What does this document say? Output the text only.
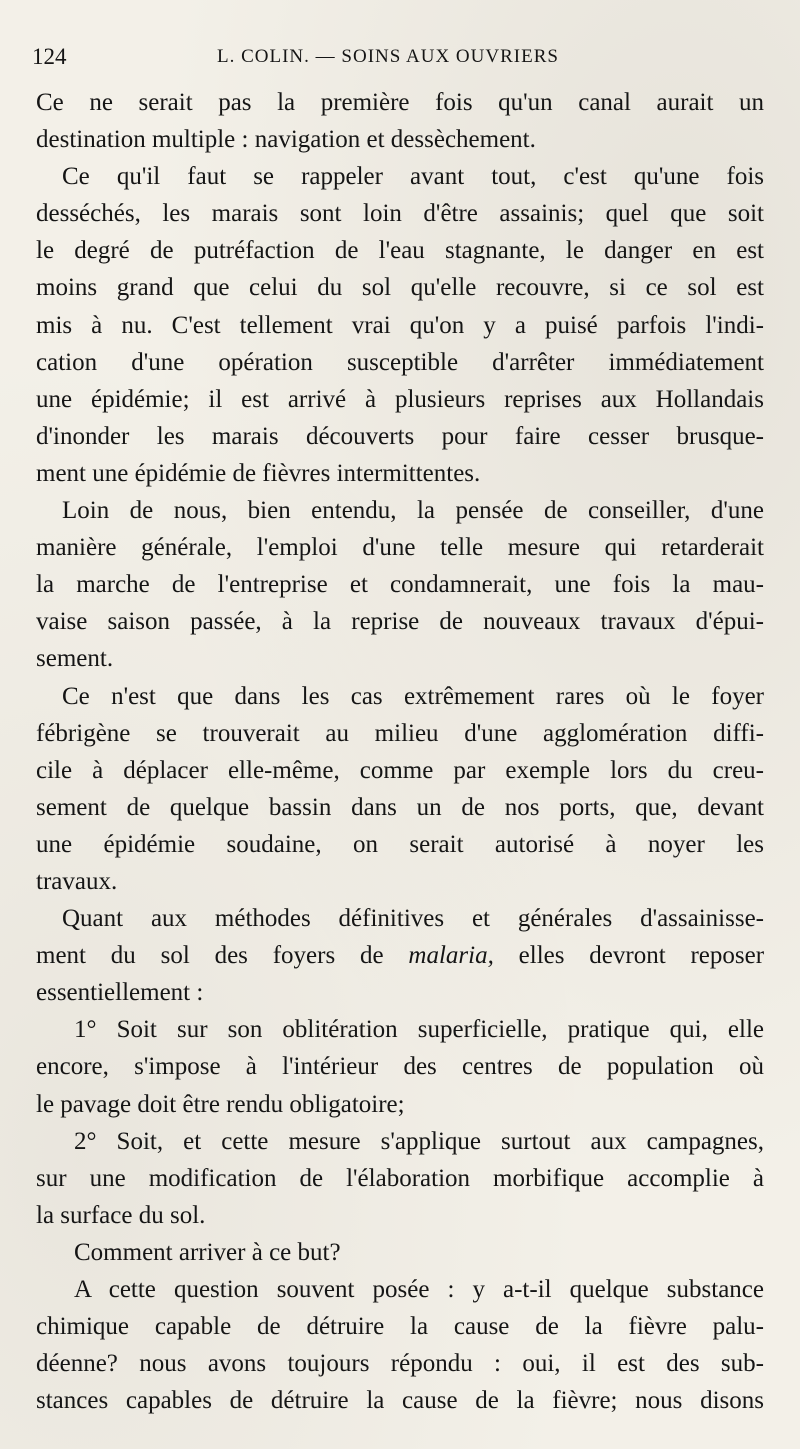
124	L. COLIN. — SOINS AUX OUVRIERS
Ce ne serait pas la première fois qu'un canal aurait un
destination multiple : navigation et dessèchement.
Ce qu'il faut se rappeler avant tout, c'est qu'une fois
desséchés, les marais sont loin d'être assainis; quel que soit
le degré de putréfaction de l'eau stagnante, le danger en est
moins grand que celui du sol qu'elle recouvre, si ce sol est
mis à nu. C'est tellement vrai qu'on y a puisé parfois l'indi-
cation d'une opération susceptible d'arrêter immédiatement
une épidémie; il est arrivé à plusieurs reprises aux Hollandais
d'inonder les marais découverts pour faire cesser brusque-
ment une épidémie de fièvres intermittentes.
Loin de nous, bien entendu, la pensée de conseiller, d'une
manière générale, l'emploi d'une telle mesure qui retarderait
la marche de l'entreprise et condamnerait, une fois la mau-
vaise saison passée, à la reprise de nouveaux travaux d'épui-
sement.
Ce n'est que dans les cas extrêmement rares où le foyer
fébrigène se trouverait au milieu d'une agglomération diffi-
cile à déplacer elle-même, comme par exemple lors du creu-
sement de quelque bassin dans un de nos ports, que, devant
une épidémie soudaine, on serait autorisé à noyer les
travaux.
Quant aux méthodes définitives et générales d'assainisse-
ment du sol des foyers de malaria, elles devront reposer
essentiellement :
1° Soit sur son oblitération superficielle, pratique qui, elle
encore, s'impose à l'intérieur des centres de population où
le pavage doit être rendu obligatoire;
2° Soit, et cette mesure s'applique surtout aux campagnes,
sur une modification de l'élaboration morbifique accomplie à
la surface du sol.
Comment arriver à ce but?
A cette question souvent posée : y a-t-il quelque substance
chimique capable de détruire la cause de la fièvre palu-
déenne? nous avons toujours répondu : oui, il est des sub-
stances capables de détruire la cause de la fièvre; nous disons
